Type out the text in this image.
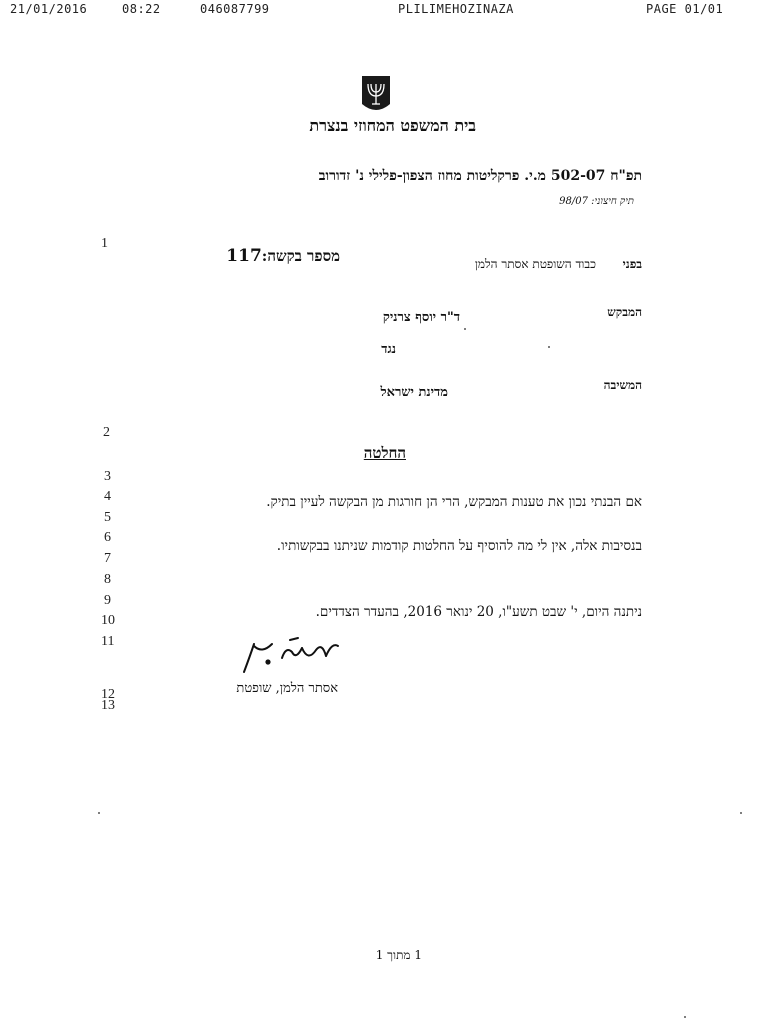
21/01/2016	08:22	046087799	PLILIMEHOZINAZA	PAGE 01/01
בית המשפט המחוזי בנצרת
תפ"ח 502-07 מ.י. פרקליטות מחוז הצפון-פלילי נ' זדורוב
תיק חיצוני: 98/07
מספר בקשה:117	בפני
כבוד השופטת אסתר הלמן
המבקש
ד"ר יוסף צרניק
נגד
המשיבה
מדינת ישראל
החלטה
אם הבנתי נכון את טענות המבקש, הרי הן חורגות מן הבקשה לעיין בתיק.
בנסיבות אלה, אין לי מה להוסיף על החלטות קודמות שניתנו בבקשותיו.
ניתנה היום, י' שבט תשע"ו, 20 ינואר 2016, בהעדר הצדדים.
אסתר הלמן, שופטת
1
2
3
4
5
6
7
8
9
10
11
12
13
1 מתוך 1
